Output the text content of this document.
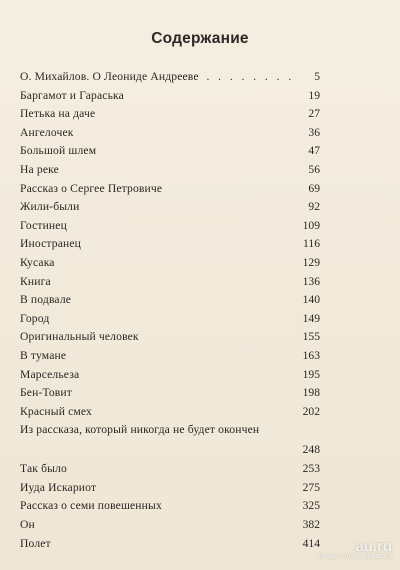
Содержание
О. Михайлов. О Леониде Андрееве . .	5
Баргамот и Гараська	19
Петька на даче	27
Ангелочек	36
Большой шлем	47
На реке	56
Рассказ о Сергее Петровиче	69
Жили-были	92
Гостинец	109
Иностранец	116
Кусака	129
Книга	136
В подвале	140
Город	149
Оригинальный человек	155
В тумане	163
Марсельеза	195
Бен-Товит	198
Красный смех	202
Из рассказа, который никогда не будет окончен
248
Так было	253
Иуда Искариот	275
Рассказ о семи повешенных	325
Он	382
Полет	414	au.ru
Вещь онлайн продажа
